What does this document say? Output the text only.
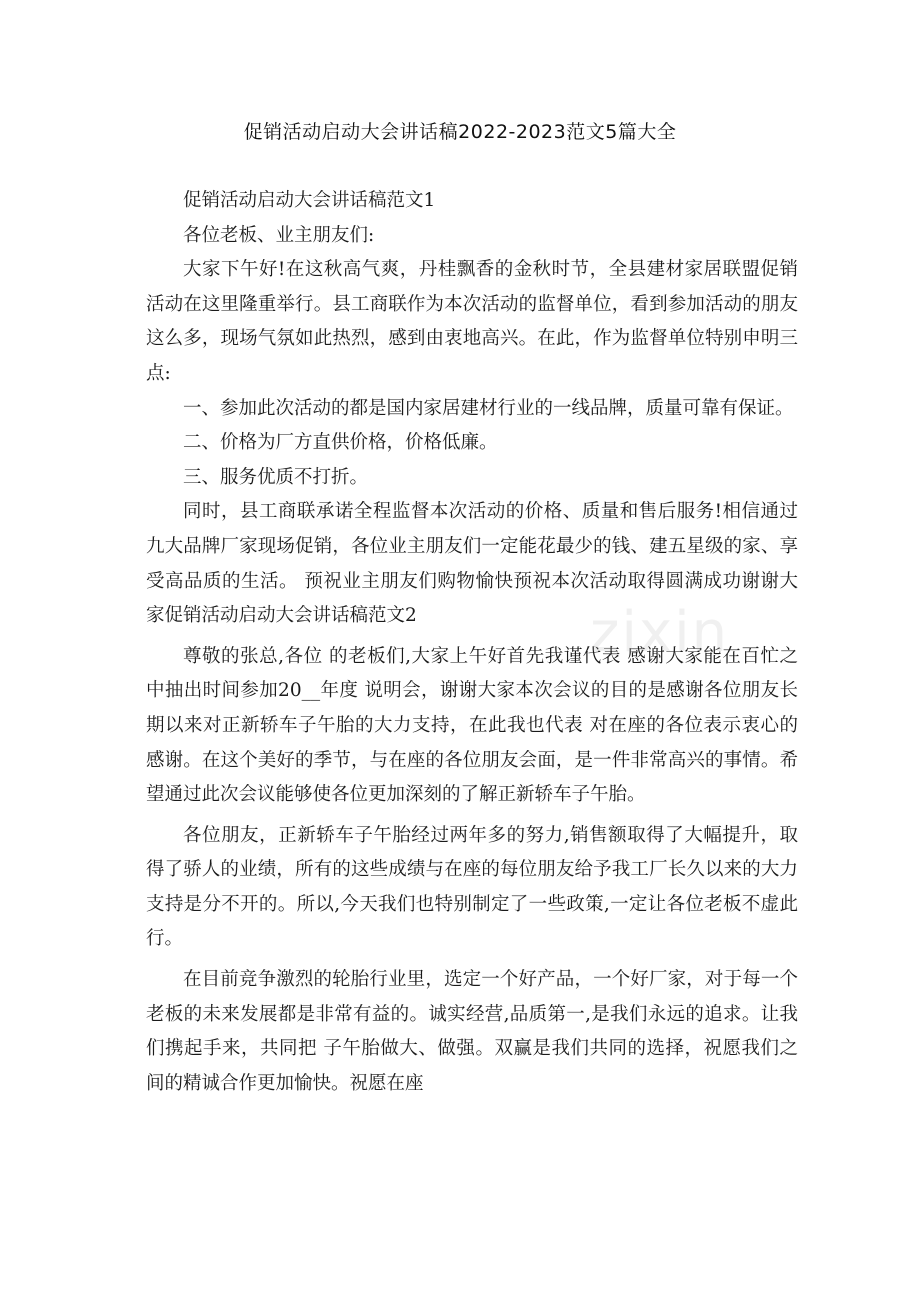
促销活动启动大会讲话稿2022-2023范文5篇大全

促销活动启动大会讲话稿范文1

各位老板、业主朋友们:

大家下午好!在这秋高气爽，丹桂飘香的金秋时节，全县建材家居联盟促销活动在这里隆重举行。县工商联作为本次活动的监督单位，看到参加活动的朋友这么多，现场气氛如此热烈，感到由衷地高兴。在此，作为监督单位特别申明三点:

一、参加此次活动的都是国内家居建材行业的一线品牌，质量可靠有保证。

二、价格为厂方直供价格，价格低廉。

三、服务优质不打折。

同时，县工商联承诺全程监督本次活动的价格、质量和售后服务!相信通过九大品牌厂家现场促销，各位业主朋友们一定能花最少的钱、建五星级的家、享受高品质的生活。 预祝业主朋友们购物愉快预祝本次活动取得圆满成功谢谢大家促销活动启动大会讲话稿范文2

尊敬的张总,各位 的老板们,大家上午好首先我谨代表 感谢大家能在百忙之中抽出时间参加20__年度 说明会，谢谢大家本次会议的目的是感谢各位朋友长期以来对正新轿车子午胎的大力支持，在此我也代表 对在座的各位表示衷心的感谢。在这个美好的季节，与在座的各位朋友会面，是一件非常高兴的事情。希望通过此次会议能够使各位更加深刻的了解正新轿车子午胎。

各位朋友，正新轿车子午胎经过两年多的努力,销售额取得了大幅提升，取得了骄人的业绩，所有的这些成绩与在座的每位朋友给予我工厂长久以来的大力支持是分不开的。所以,今天我们也特别制定了一些政策,一定让各位老板不虚此行。

在目前竞争激烈的轮胎行业里，选定一个好产品，一个好厂家，对于每一个老板的未来发展都是非常有益的。诚实经营,品质第一,是我们永远的追求。让我们携起手来，共同把 子午胎做大、做强。双赢是我们共同的选择，祝愿我们之间的精诚合作更加愉快。祝愿在座

zixin
